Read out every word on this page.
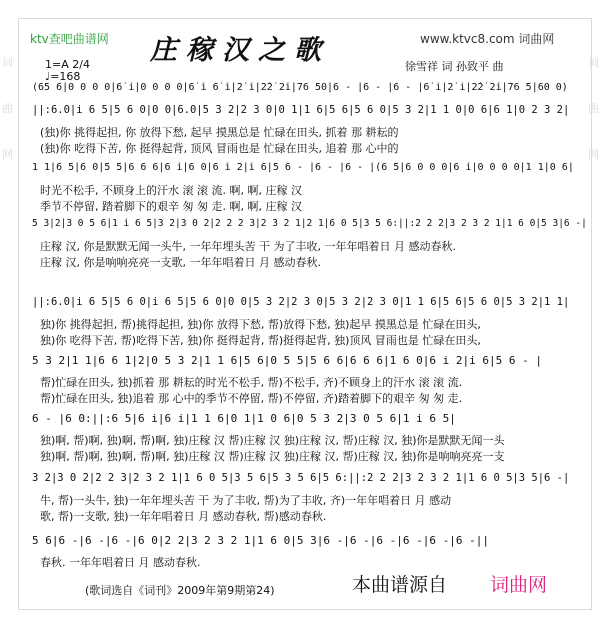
词曲网
词曲网
ktv查吧曲谱网	www.ktvc8.com 词曲网
庄稼汉之歌
1=A 2/4
♩=168
徐雪祥 词 孙致平 曲
(65 6|0 0 0 0|6̇ i|0 0 0 0|6̇ i 6̇ i|2̇ i|2̇2̇ 2̇i|76 50|6 - |6 - |6 - |6̇ i|2̇ i|2̇2̇ 2̇i|76 5|60 0)
||:6.0|i 6 5|5 6 0|0 0|6.0|5 3 2|2 3 0|0 1|1 6|5 6|5 6 0|5 3 2|1 1 0|0 6|6 1|0 2 3 2|
(独)你 挑得起担, 你 放得下愁, 起早 摸黑总是 忙碌在田头, 抓着 那 耕耘的
(独)你 吃得下苦, 你 挺得起背, 顶风 冒雨也是 忙碌在田头, 追着 那 心中的
1 1|6 5|6 0|5 5|6 6 6|6 i|6 0|6 i 2|i 6|5 6 - |6 - |6 - |(6 5|6 0 0 0|6 i|0 0 0 0|1 1|0 6|
时光不松手, 不顾身上的汗水 滚 滚 流. 啊, 啊, 庄稼 汉
季节不停留, 踏着脚下的艰辛 匆 匆 走. 啊, 啊, 庄稼 汉
5 3|2|3 0 5 6|1 i 6 5|3 2|3 0 2|2 2 2 3|2 3 2 1|2 1|6 0 5|3 5 6:||:2 2 2|3 2 3 2 1|1 6 0|5 3|6 -|
庄稼 汉, 你是默默无闻一头牛, 一年年埋头苦 干 为了丰收, 一年年唱着日 月 感动春秋.
庄稼 汉, 你是响响亮亮一支歌, 一年年唱着日 月 感动春秋.
||:6.0|i 6 5|5 6 0|i 6 5|5 6 0|0 0|5 3 2|2 3 0|5 3 2|2 3 0|1 1 6|5 6|5 6 0|5 3 2|1 1|
独)你 挑得起担, 帮)挑得起担, 独)你 放得下愁, 帮)放得下愁, 独)起早 摸黑总是 忙碌在田头,
独)你 吃得下苦, 帮)吃得下苦, 独)你 挺得起背, 帮)挺得起背, 独)顶风 冒雨也是 忙碌在田头,
5 3 2|1 1|6 6 1|2|0 5 3 2|1 1 6|5 6|0 5 5|5 6 6|6 6 6|1 6 0|6 i 2|i 6|5 6 - |
帮)忙碌在田头, 独)抓着 那 耕耘的时光不松手, 帮)不松手, 齐)不顾身上的汗水 滚 滚 流.
帮)忙碌在田头, 独)追着 那 心中的季节不停留, 帮)不停留, 齐)踏着脚下的艰辛 匆 匆 走.
6 - |6 0:||:6 5|6 i|6 i|1 1 6|0 1|1 0 6|0 5 3 2|3 0 5 6|1 i 6 5|
独)啊, 帮)啊, 独)啊, 帮)啊, 独)庄稼 汉 帮)庄稼 汉 独)庄稼 汉, 帮)庄稼 汉, 独)你是默默无闻一头
独)啊, 帮)啊, 独)啊, 帮)啊, 独)庄稼 汉 帮)庄稼 汉 独)庄稼 汉, 帮)庄稼 汉, 独)你是响响亮亮一支
3 2|3 0 2|2 2 3|2 3 2 1|1 6 0 5|3 5 6|5 3 5 6|5 6:||:2 2 2|3 2 3 2 1|1 6 0 5|3 5|6 -|
牛, 帮)一头牛, 独)一年年埋头苦 干 为了丰收, 帮)为了丰收, 齐)一年年唱着日 月 感动
歌, 帮)一支歌, 独)一年年唱着日 月 感动春秋, 帮)感动春秋.
5 6|6 -|6 -|6 -|6 0|2 2|3 2 3 2 1|1 6 0|5 3|6 -|6 -|6 -|6 -|6 -|6 -||
春秋. 一年年唱着日 月 感动春秋.
(歌词选自《词刊》2009年第9期第24)	本曲谱源自 词曲网
